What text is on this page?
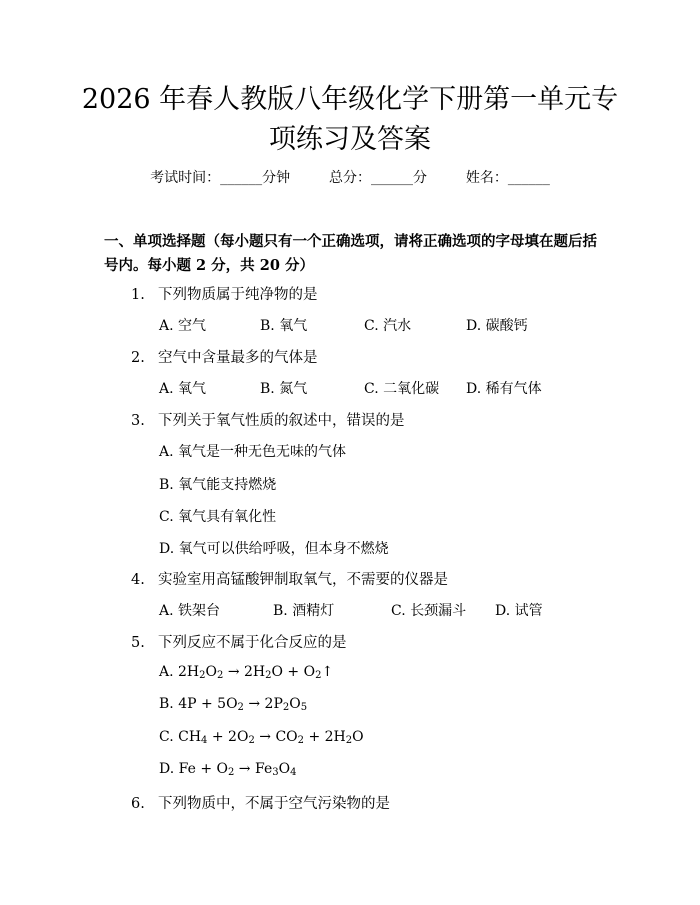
2026 年春人教版八年级化学下册第一单元专
项练习及答案
考试时间：______分钟	总分：______分	姓名：______
一、单项选择题（每小题只有一个正确选项，请将正确选项的字母填在题后括号内。每小题 2 分，共 20 分）
1. 下列物质属于纯净物的是
A. 空气	B. 氧气	C. 汽水	D. 碳酸钙
2. 空气中含量最多的气体是
A. 氧气	B. 氮气	C. 二氧化碳 D. 稀有气体
3. 下列关于氧气性质的叙述中，错误的是
A. 氧气是一种无色无味的气体
B. 氧气能支持燃烧
C. 氧气具有氧化性
D. 氧气可以供给呼吸，但本身不燃烧
4. 实验室用高锰酸钾制取氧气，不需要的仪器是
A. 铁架台	B. 酒精灯	C. 长颈漏斗 D. 试管
5. 下列反应不属于化合反应的是
A. $2H_2O_2 \to 2H_2O$ + $O_2↑$
B. $4P + 5O_2 \to 2P_2O_5$
C. $CH_4 + 2O_2 \to CO_2 + 2H_2O$
D. $Fe + O_2 \to Fe_3O_4$
6. 下列物质中，不属于空气污染物的是
